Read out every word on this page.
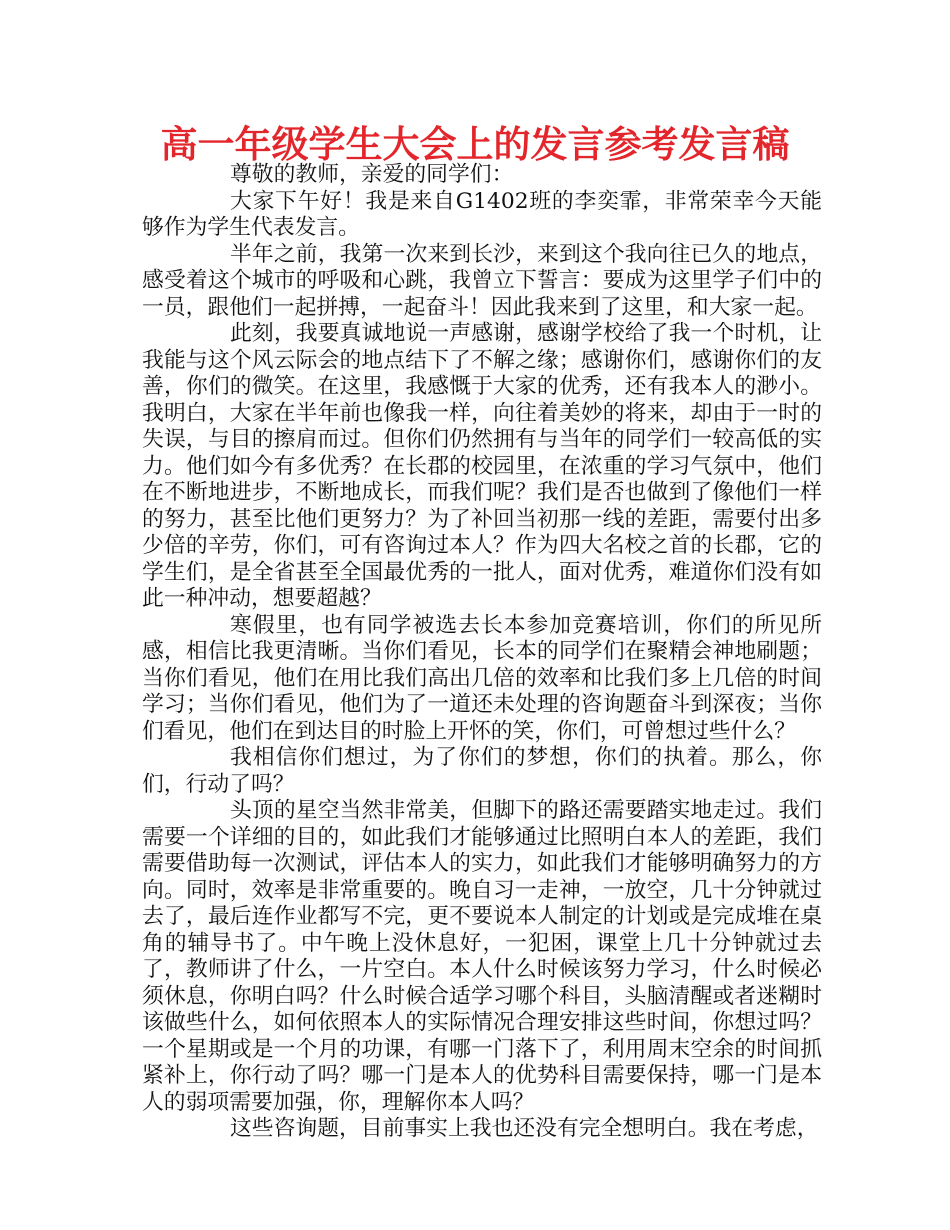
高一年级学生大会上的发言参考发言稿

尊敬的教师，亲爱的同学们：

大家下午好！我是来自G1402班的李奕霏，非常荣幸今天能够作为学生代表发言。

半年之前，我第一次来到长沙，来到这个我向往已久的地点，感受着这个城市的呼吸和心跳，我曾立下誓言：要成为这里学子们中的一员，跟他们一起拼搏，一起奋斗！因此我来到了这里，和大家一起。

此刻，我要真诚地说一声感谢，感谢学校给了我一个时机，让我能与这个风云际会的地点结下了不解之缘；感谢你们，感谢你们的友善，你们的微笑。在这里，我感慨于大家的优秀，还有我本人的渺小。我明白，大家在半年前也像我一样，向往着美妙的将来，却由于一时的失误，与目的擦肩而过。但你们仍然拥有与当年的同学们一较高低的实力。他们如今有多优秀？在长郡的校园里，在浓重的学习气氛中，他们在不断地进步，不断地成长，而我们呢？我们是否也做到了像他们一样的努力，甚至比他们更努力？为了补回当初那一线的差距，需要付出多少倍的辛劳，你们，可有咨询过本人？作为四大名校之首的长郡，它的学生们，是全省甚至全国最优秀的一批人，面对优秀，难道你们没有如此一种冲动，想要超越？

寒假里，也有同学被选去长本参加竞赛培训，你们的所见所感，相信比我更清晰。当你们看见，长本的同学们在聚精会神地刷题；当你们看见，他们在用比我们高出几倍的效率和比我们多上几倍的时间学习；当你们看见，他们为了一道还未处理的咨询题奋斗到深夜；当你们看见，他们在到达目的时脸上开怀的笑，你们，可曾想过些什么？

我相信你们想过，为了你们的梦想，你们的执着。那么，你们，行动了吗？

头顶的星空当然非常美，但脚下的路还需要踏实地走过。我们需要一个详细的目的，如此我们才能够通过比照明白本人的差距，我们需要借助每一次测试，评估本人的实力，如此我们才能够明确努力的方向。同时，效率是非常重要的。晚自习一走神，一放空，几十分钟就过去了，最后连作业都写不完，更不要说本人制定的计划或是完成堆在桌角的辅导书了。中午晚上没休息好，一犯困，课堂上几十分钟就过去了，教师讲了什么，一片空白。本人什么时候该努力学习，什么时候必须休息，你明白吗？什么时候合适学习哪个科目，头脑清醒或者迷糊时该做些什么，如何依照本人的实际情况合理安排这些时间，你想过吗？一个星期或是一个月的功课，有哪一门落下了，利用周末空余的时间抓紧补上，你行动了吗？哪一门是本人的优势科目需要保持，哪一门是本人的弱项需要加强，你，理解你本人吗？

这些咨询题，目前事实上我也还没有完全想明白。我在考虑，
